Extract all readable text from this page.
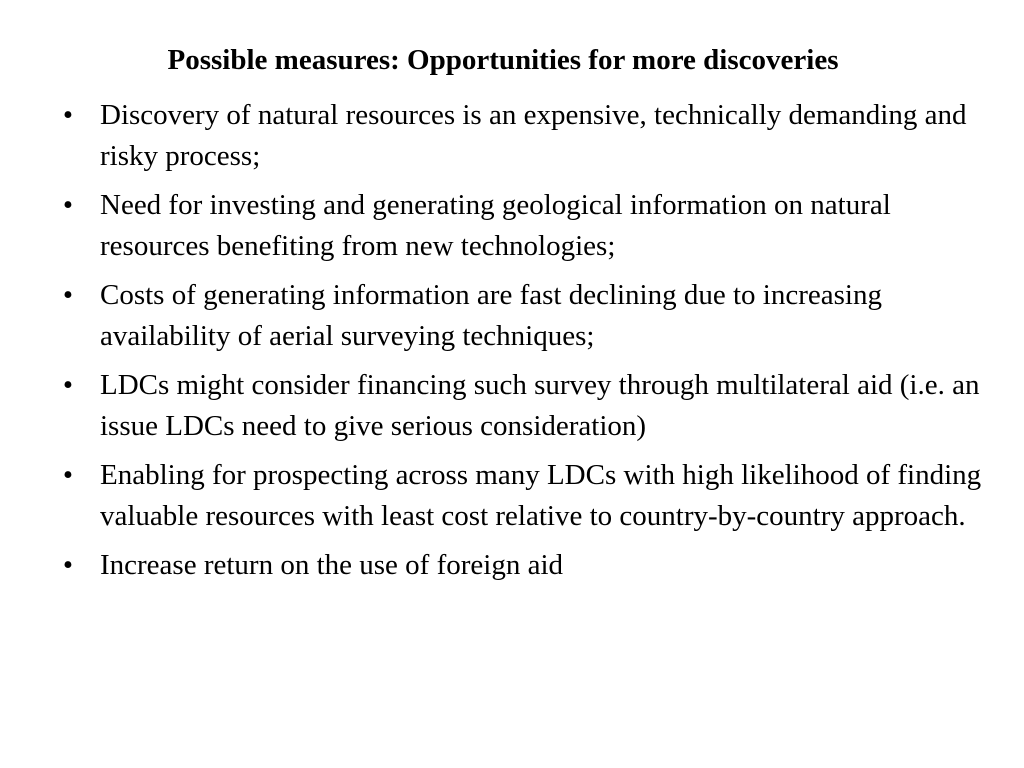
Possible measures: Opportunities for more discoveries
• Discovery of natural resources is an expensive, technically demanding and risky process;
• Need for investing and generating geological information on natural resources benefiting from new technologies;
• Costs of generating information are fast declining due to increasing availability of aerial surveying techniques;
• LDCs might consider financing such survey through multilateral aid (i.e. an issue LDCs need to give serious consideration)
• Enabling for prospecting across many LDCs with high likelihood of finding valuable resources with least cost relative to country-by-country approach.
• Increase return on the use of foreign aid
